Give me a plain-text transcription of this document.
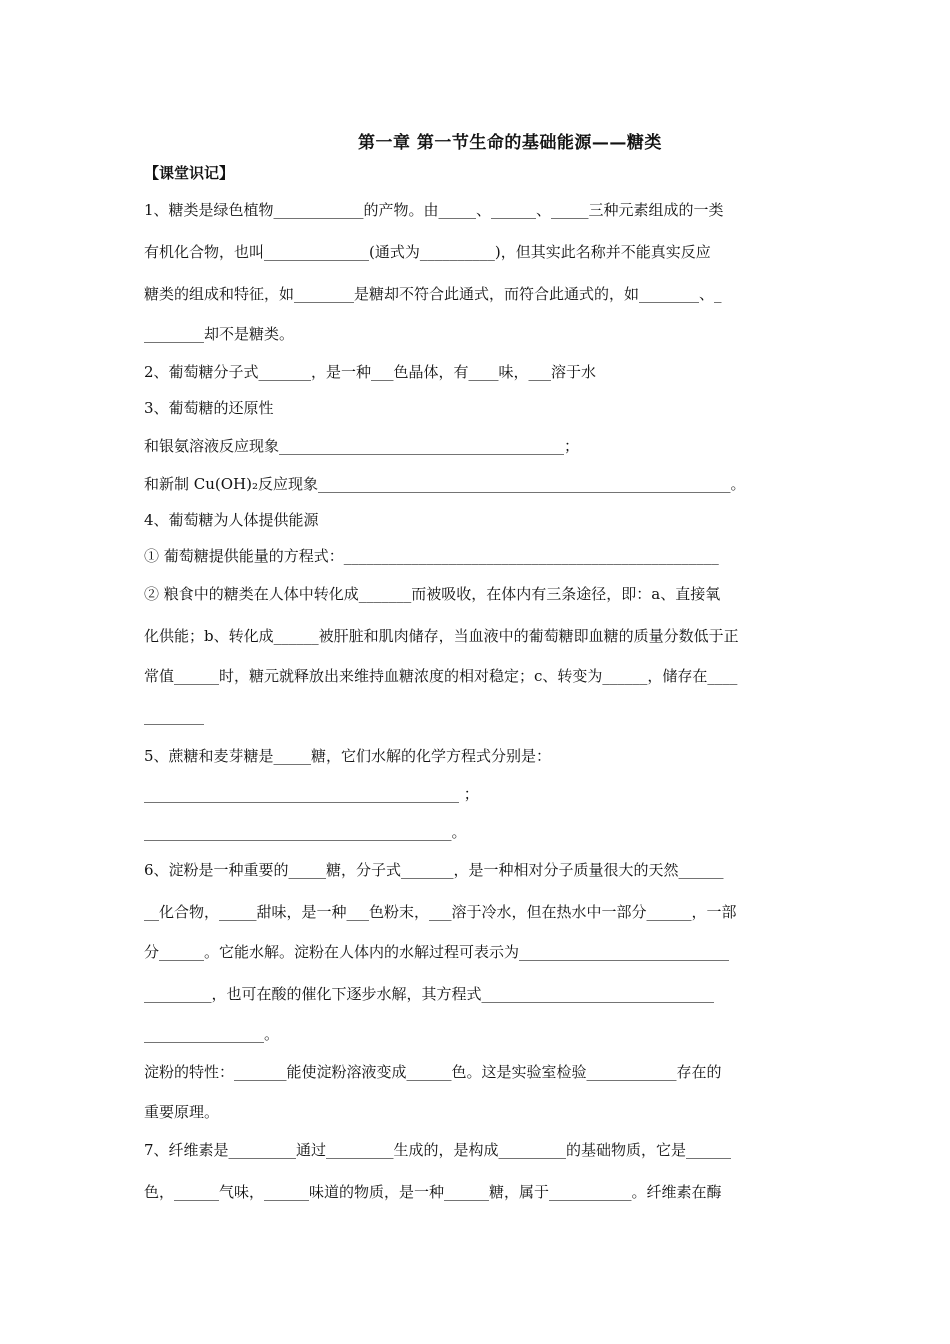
第一章 第一节生命的基础能源——糖类
【课堂识记】
1、糖类是绿色植物____________的产物。由_____、______、_____三种元素组成的一类
有机化合物，也叫______________(通式为__________)，但其实此名称并不能真实反应
糖类的组成和特征，如________是糖却不符合此通式，而符合此通式的，如________、_
________却不是糖类。
2、葡萄糖分子式_______，是一种___色晶体，有____味，___溶于水
3、葡萄糖的还原性
和银氨溶液反应现象______________________________________；
和新制 Cu(OH)₂反应现象_______________________________________________________。
4、葡萄糖为人体提供能源
① 葡萄糖提供能量的方程式：__________________________________________________
② 粮食中的糖类在人体中转化成_______而被吸收，在体内有三条途径，即：a、直接氧
化供能；b、转化成______被肝脏和肌肉储存，当血液中的葡萄糖即血糖的质量分数低于正
常值______时，糖元就释放出来维持血糖浓度的相对稳定；c、转变为______，储存在____
________
5、蔗糖和麦芽糖是_____糖，它们水解的化学方程式分别是：
__________________________________________ ；
_________________________________________。
6、淀粉是一种重要的_____糖，分子式_______，是一种相对分子质量很大的天然______
__化合物，_____甜味，是一种___色粉末，___溶于冷水，但在热水中一部分______，一部
分______。它能水解。淀粉在人体内的水解过程可表示为____________________________
_________，也可在酸的催化下逐步水解，其方程式_______________________________
________________。
淀粉的特性：_______能使淀粉溶液变成______色。这是实验室检验____________存在的
重要原理。
7、纤维素是_________通过_________生成的，是构成_________的基础物质，它是______
色，______气味，______味道的物质，是一种______糖，属于___________。纤维素在酶
